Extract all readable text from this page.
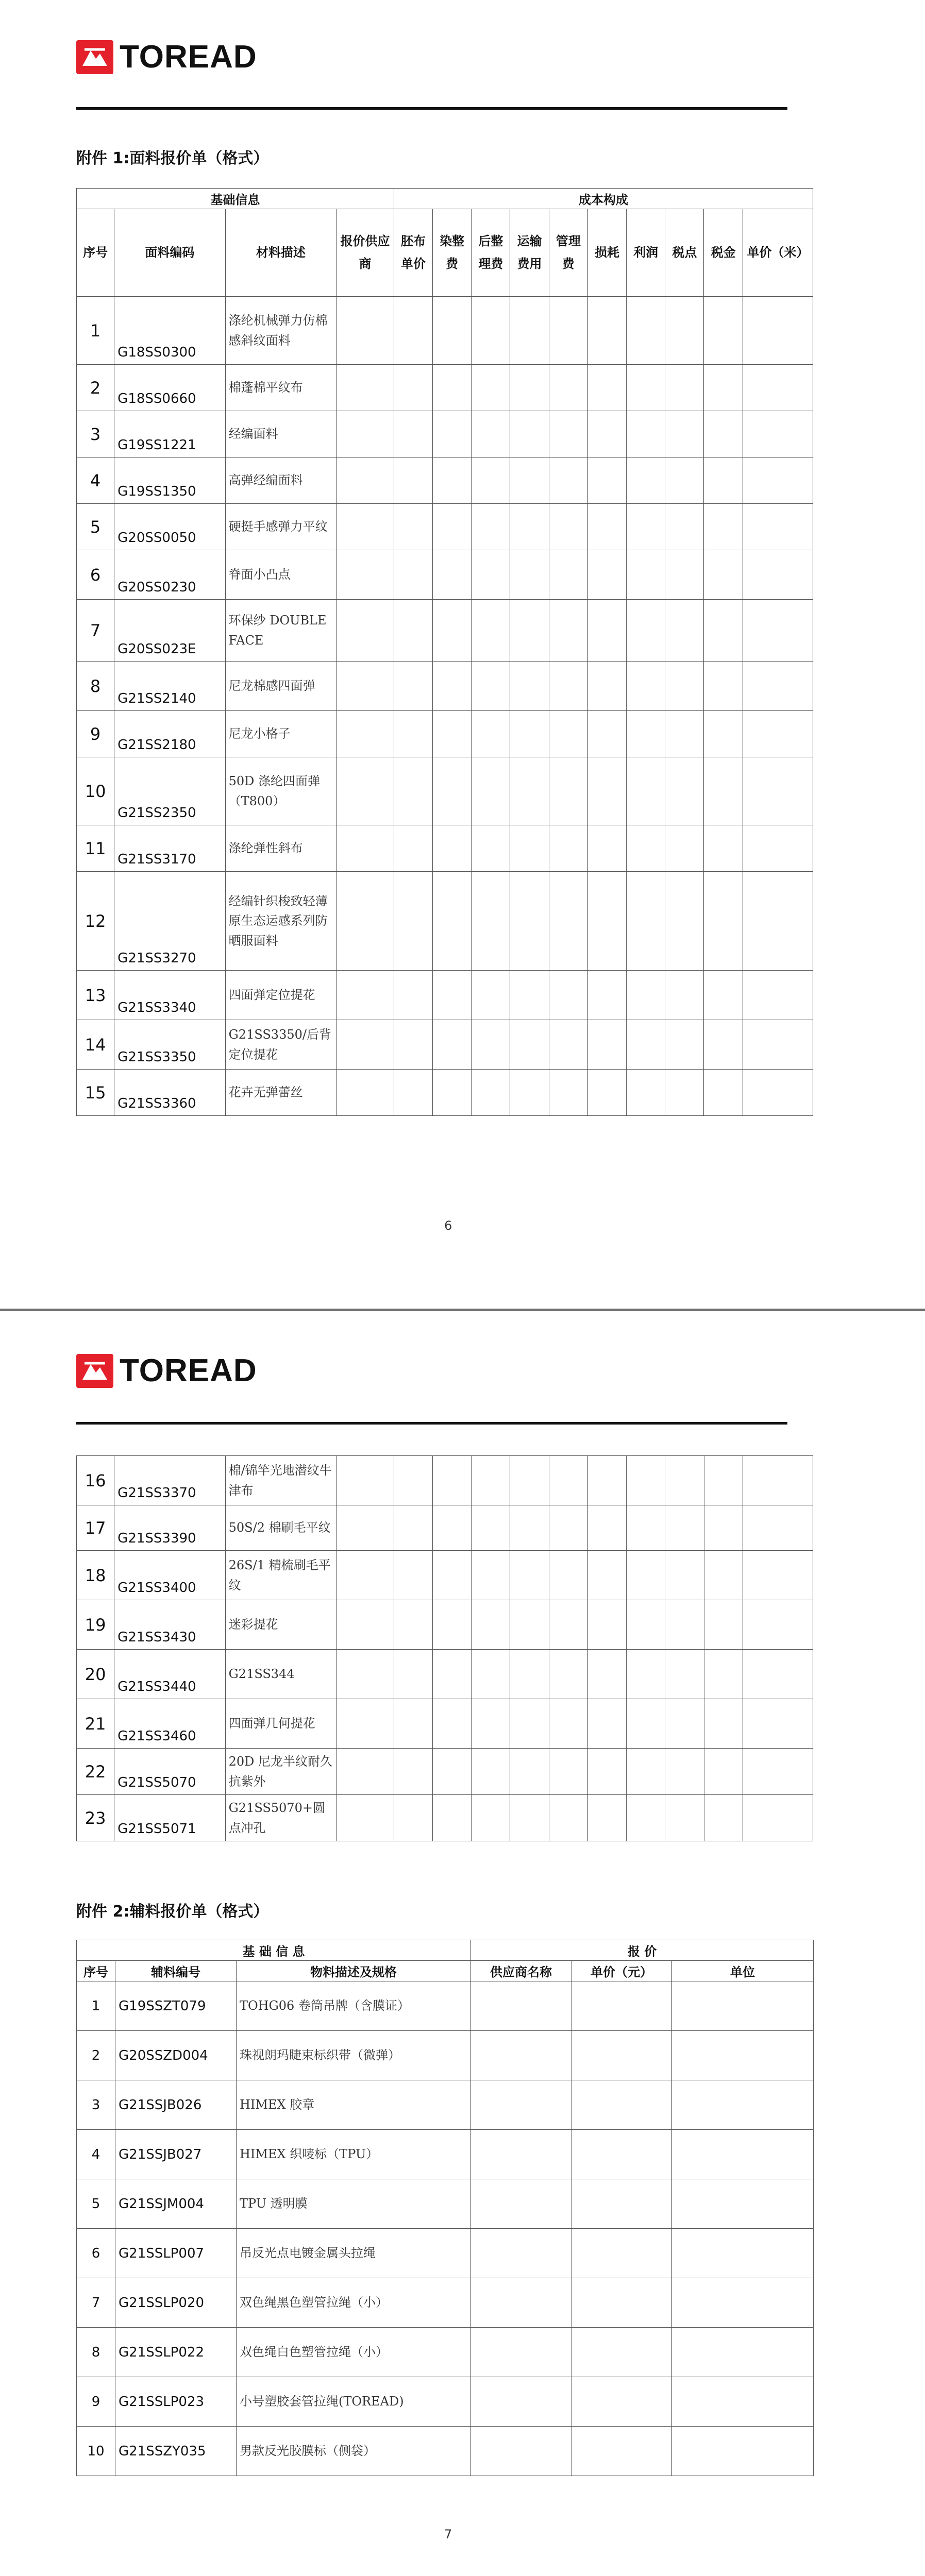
TOREAD
附件 1:面料报价单（格式）
基础信息				成本构成									
序号	面料编码	材料描述	报价供应商	胚布单价	染整费	后整理费	运输费用	管理费	损耗	利润	税点	税金	单价（米）
1	G18SS0300	涤纶机械弹力仿棉感斜纹面料											
2	G18SS0660	棉蓬棉平纹布											
3	G19SS1221	经编面料											
4	G19SS1350	高弹经编面料											
5	G20SS0050	硬挺手感弹力平纹											
6	G20SS0230	脊面小凸点											
7	G20SS023E	环保纱 DOUBLE FACE											
8	G21SS2140	尼龙棉感四面弹											
9	G21SS2180	尼龙小格子											
10	G21SS2350	50D 涤纶四面弹（T800）											
11	G21SS3170	涤纶弹性斜布											
12	G21SS3270	经编针织梭致轻薄原生态运感系列防晒服面料											
13	G21SS3340	四面弹定位提花											
14	G21SS3350	G21SS3350/后背定位提花											
15	G21SS3360	花卉无弹蕾丝											
6
TOREAD
16	G21SS3370	棉/锦竿光地潜纹牛津布											
17	G21SS3390	50S/2 棉刷毛平纹											
18	G21SS3400	26S/1 精梳刷毛平纹											
19	G21SS3430	迷彩提花											
20	G21SS3440	G21SS344											
21	G21SS3460	四面弹几何提花											
22	G21SS5070	20D 尼龙半纹耐久抗紫外											
23	G21SS5071	G21SS5070+圆点冲孔											
附件 2:辅料报价单（格式）
基 础 信 息			报 价		
序号	辅料编号	物料描述及规格	供应商名称	单价（元）	单位
1	G19SSZT079	TOHG06 卷筒吊牌（含膜证）			
2	G20SSZD004	珠视朗玛睫束标织带（微弹）			
3	G21SSJB026	HIMEX 胶章			
4	G21SSJB027	HIMEX 织唛标（TPU）			
5	G21SSJM004	TPU 透明膜			
6	G21SSLP007	吊反光点电镀金属头拉绳			
7	G21SSLP020	双色绳黑色塑管拉绳（小）			
8	G21SSLP022	双色绳白色塑管拉绳（小）			
9	G21SSLP023	小号塑胶套管拉绳(TOREAD)			
10	G21SSZY035	男款反光胶膜标（侧袋）			
7
